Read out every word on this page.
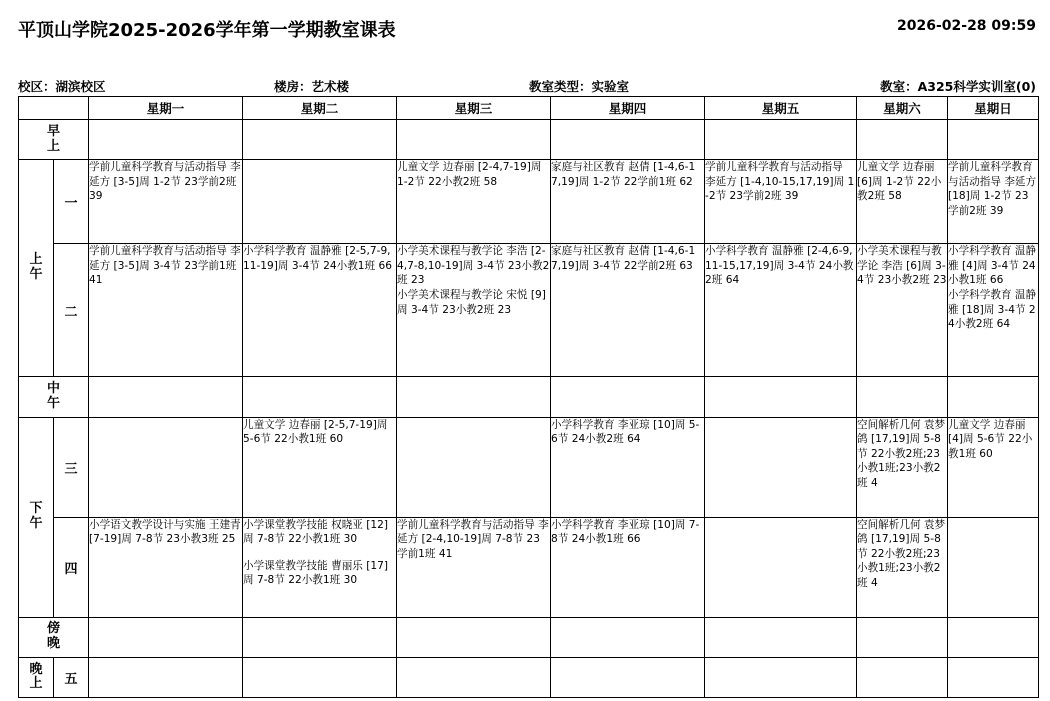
平顶山学院2025-2026学年第一学期教室课表	2026-02-28 09:59
校区：湖滨校区	楼房：艺术楼	教室类型：实验室	教室：A325科学实训室(0)
		星期一	星期二	星期三	星期四	星期五	星期六	星期日
早上								
上午	一	学前儿童科学教育与活动指导 李延方 [3-5]周 1-2节 23学前2班 39		儿童文学 边春丽 [2-4,7-19]周 1-2节 22小教2班 58	家庭与社区教育 赵倩 [1-4,6-17,19]周 1-2节 22学前1班 62	学前儿童科学教育与活动指导 李延方 [1-4,10-15,17,19]周 1-2节 23学前2班 39	儿童文学 边春丽 [6]周 1-2节 22小教2班 58	学前儿童科学教育与活动指导 李延方 [18]周 1-2节 23学前2班 39

	二	学前儿童科学教育与活动指导 李延方 [3-5]周 3-4节 23学前1班 41	小学科学教育 温静雅 [2-5,7-9,11-19]周 3-4节 24小教1班 66	小学美术课程与教学论 李浩 [2-4,7-8,10-19]周 3-4节 23小教2班 23
小学美术课程与教学论 宋悦 [9]周 3-4节 23小教2班 23	家庭与社区教育 赵倩 [1-4,6-17,19]周 3-4节 22学前2班 63	小学科学教育 温静雅 [2-4,6-9,11-15,17,19]周 3-4节 24小教2班 64	小学美术课程与教学论 李浩 [6]周 3-4节 23小教2班 23	小学科学教育 温静雅 [4]周 3-4节 24小教1班 66
小学科学教育 温静雅 [18]周 3-4节 24小教2班 64

中午								
下午	三		儿童文学 边春丽 [2-5,7-19]周 5-6节 22小教1班 60		小学科学教育 李亚琼 [10]周 5-6节 24小教2班 64		空间解析几何 袁梦鸽 [17,19]周 5-8节 22小教2班;23小教1班;23小教2班 4	儿童文学 边春丽 [4]周 5-6节 22小教1班 60

	四	小学语文教学设计与实施 王建青 [7-19]周 7-8节 23小教3班 25	小学课堂教学技能 权晓亚 [12]周 7-8节 22小教1班 30
小学课堂教学技能 曹丽乐 [17]周 7-8节 22小教1班 30	学前儿童科学教育与活动指导 李延方 [2-4,10-19]周 7-8节 23学前1班 41	小学科学教育 李亚琼 [10]周 7-8节 24小教1班 66		空间解析几何 袁梦鸽 [17,19]周 5-8节 22小教2班;23小教1班;23小教2班 4	

傍晚								
晚上	五							
